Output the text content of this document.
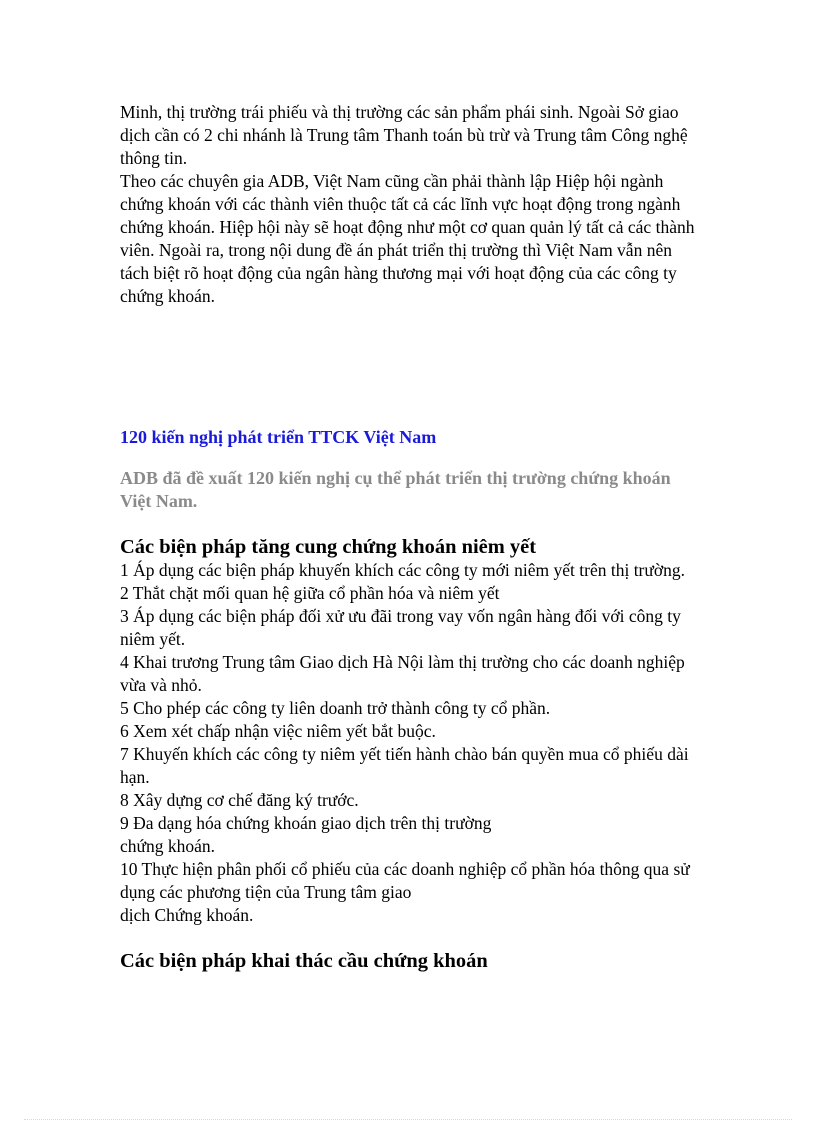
Minh, thị trường trái phiếu và thị trường các sản phẩm phái sinh. Ngoài Sở giao dịch cần có 2 chi nhánh là Trung tâm Thanh toán bù trừ và Trung tâm Công nghệ thông tin.

Theo các chuyên gia ADB, Việt Nam cũng cần phải thành lập Hiệp hội ngành chứng khoán với các thành viên thuộc tất cả các lĩnh vực hoạt động trong ngành chứng khoán. Hiệp hội này sẽ hoạt động như một cơ quan quản lý tất cả các thành viên. Ngoài ra, trong nội dung đề án phát triển thị trường thì Việt Nam vẫn nên tách biệt rõ hoạt động của ngân hàng thương mại với hoạt động của các công ty chứng khoán.

120 kiến nghị phát triển TTCK Việt Nam

ADB đã đề xuất 120 kiến nghị cụ thể phát triển thị trường chứng khoán Việt Nam.

Các biện pháp tăng cung chứng khoán niêm yết

1 Áp dụng các biện pháp khuyến khích các công ty mới niêm yết trên thị trường.

2 Thắt chặt mối quan hệ giữa cổ phần hóa và niêm yết

3 Áp dụng các biện pháp đối xử ưu đãi trong vay vốn ngân hàng đối với công ty niêm yết.

4 Khai trương Trung tâm Giao dịch Hà Nội làm thị trường cho các doanh nghiệp vừa và nhỏ.

5 Cho phép các công ty liên doanh trở thành công ty cổ phần.

6 Xem xét chấp nhận việc niêm yết bắt buộc.

7 Khuyến khích các công ty niêm yết tiến hành chào bán quyền mua cổ phiếu dài hạn.

8 Xây dựng cơ chế đăng ký trước.

9 Đa dạng hóa chứng khoán giao dịch trên thị trường

chứng khoán.

10 Thực hiện phân phối cổ phiếu của các doanh nghiệp cổ phần hóa thông qua sử dụng các phương tiện của Trung tâm giao

dịch Chứng khoán.

Các biện pháp khai thác cầu chứng khoán
